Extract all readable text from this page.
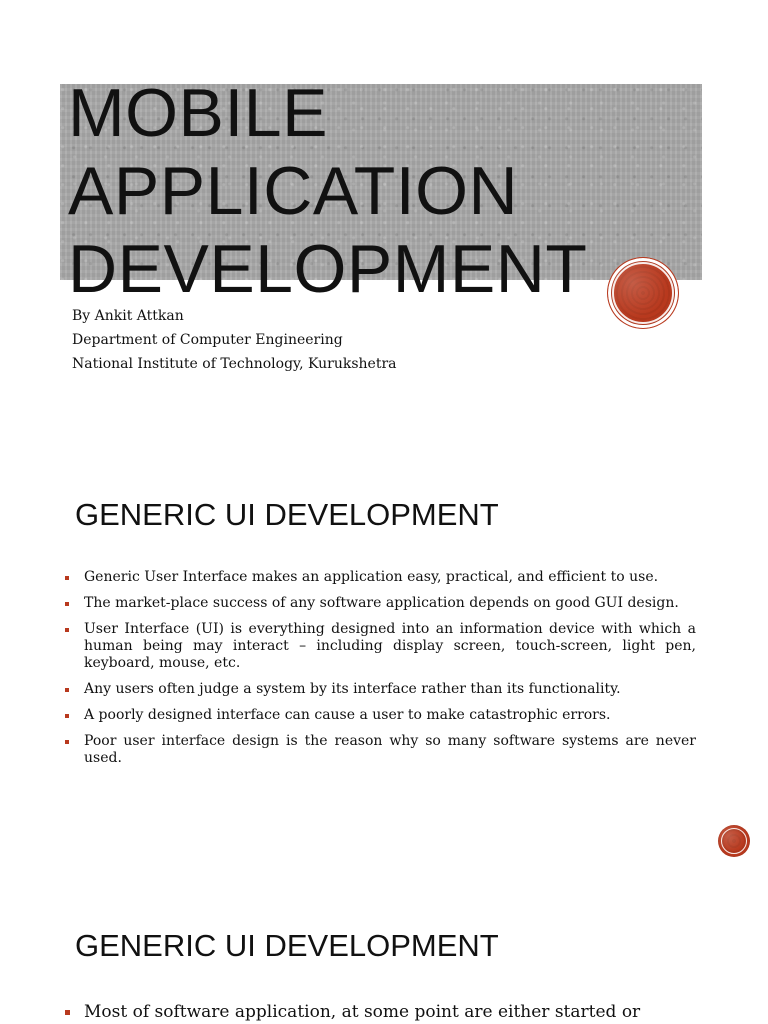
MOBILE
APPLICATION
DEVELOPMENT
By Ankit Attkan
Department of Computer Engineering
National Institute of Technology, Kurukshetra
GENERIC UI DEVELOPMENT
Generic User Interface makes an application easy, practical, and efficient to use.
The market-place success of any software application depends on good GUI design.
User Interface (UI) is everything designed into an information device with which a human being may interact – including display screen, touch-screen, light pen, keyboard, mouse, etc.
Any users often judge a system by its interface rather than its functionality.
A poorly designed interface can cause a user to make catastrophic errors.
Poor user interface design is the reason why so many software systems are never used.
GENERIC UI DEVELOPMENT
Most of software application, at some point are either started or
